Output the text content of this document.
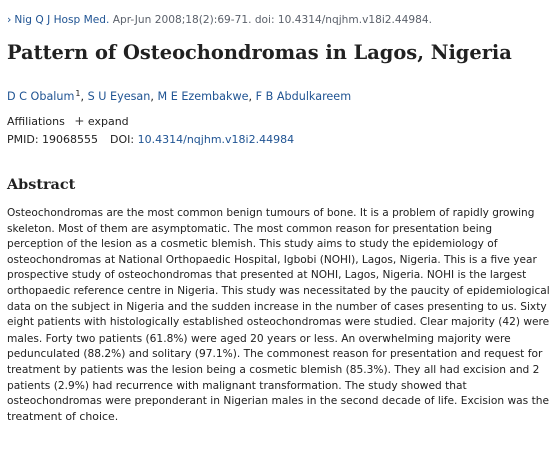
› Nig Q J Hosp Med. Apr-Jun 2008;18(2):69-71. doi: 10.4314/nqjhm.v18i2.44984.
Pattern of Osteochondromas in Lagos, Nigeria
D C Obalum$^1$, S U Eyesan, M E Ezembakwe, F B Abdulkareem
Affiliations + expand
PMID: 19068555 DOI: 10.4314/nqjhm.v18i2.44984
Abstract
Osteochondromas are the most common benign tumours of bone. It is a problem of rapidly growing
skeleton. Most of them are asymptomatic. The most common reason for presentation being
perception of the lesion as a cosmetic blemish. This study aims to study the epidemiology of
osteochondromas at National Orthopaedic Hospital, Igbobi (NOHI), Lagos, Nigeria. This is a five year
prospective study of osteochondromas that presented at NOHI, Lagos, Nigeria. NOHI is the largest
orthopaedic reference centre in Nigeria. This study was necessitated by the paucity of epidemiological
data on the subject in Nigeria and the sudden increase in the number of cases presenting to us. Sixty
eight patients with histologically established osteochondromas were studied. Clear majority (42) were
males. Forty two patients (61.8%) were aged 20 years or less. An overwhelming majority were
pedunculated (88.2%) and solitary (97.1%). The commonest reason for presentation and request for
treatment by patients was the lesion being a cosmetic blemish (85.3%). They all had excision and 2
patients (2.9%) had recurrence with malignant transformation. The study showed that
osteochondromas were preponderant in Nigerian males in the second decade of life. Excision was the
treatment of choice.
